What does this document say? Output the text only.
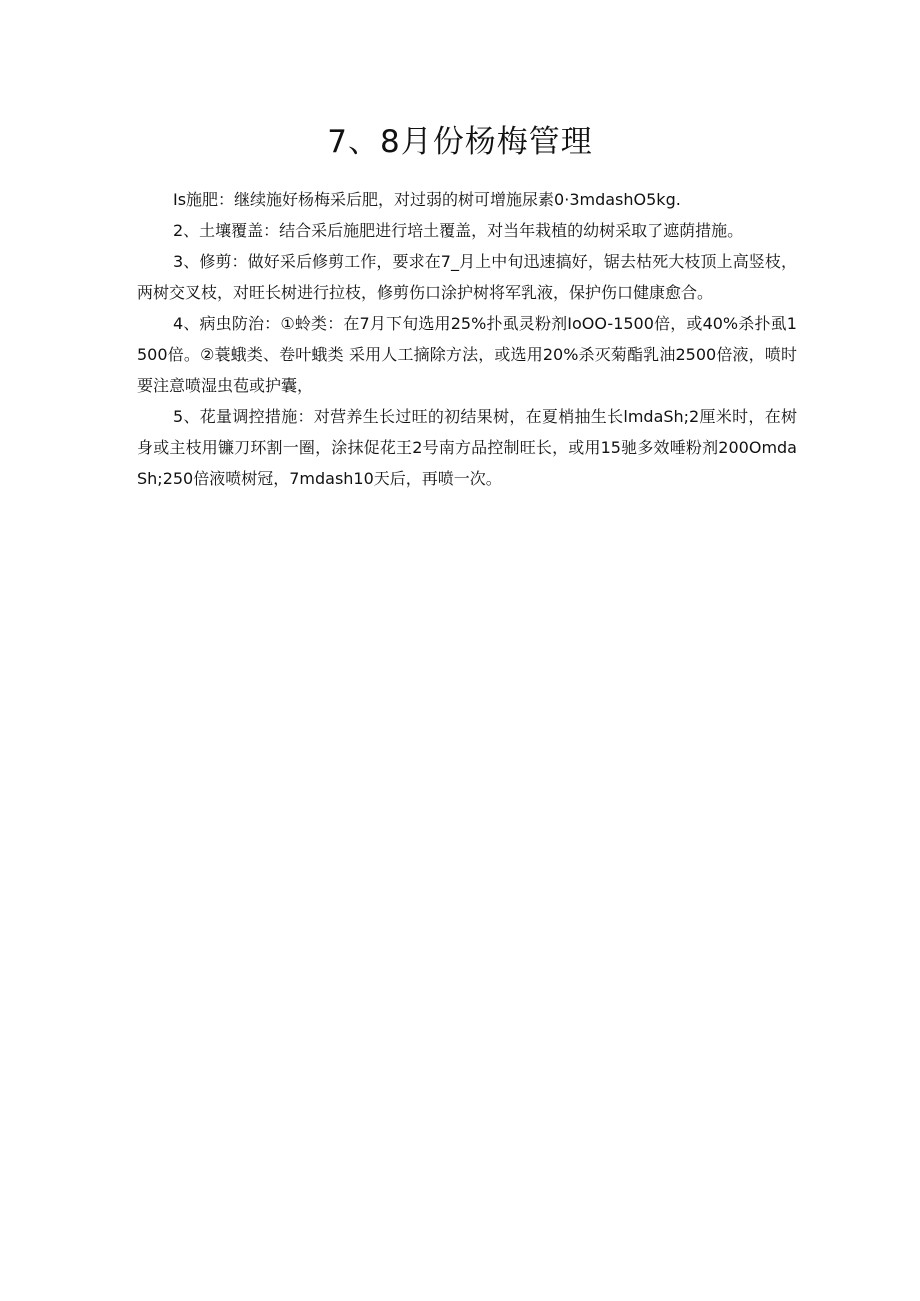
7、8月份杨梅管理

Is施肥：继续施好杨梅采后肥，对过弱的树可增施尿素0·3mdashO5kg.

2、土壤覆盖：结合采后施肥进行培土覆盖，对当年栽植的幼树采取了遮荫措施。

3、修剪：做好采后修剪工作，要求在7_月上中旬迅速搞好，锯去枯死大枝顶上高竖枝，两树交叉枝，对旺长树进行拉枝，修剪伤口涂护树将军乳液，保护伤口健康愈合。

4、病虫防治：①蛉类：在7月下旬选用25%扑虱灵粉剂IoOO-1500倍，或40%杀扑虱1500倍。②蓑蛾类、卷叶蛾类 采用人工摘除方法，或选用20%杀灭菊酯乳油2500倍液，喷时要注意喷湿虫苞或护囊，

5、花量调控措施：对营养生长过旺的初结果树，在夏梢抽生长lmdaSh;2厘米时，在树身或主枝用镰刀环割一圈，涂抹促花王2号南方品控制旺长，或用15驰多效唾粉剂200OmdaSh;250倍液喷树冠，7mdash10天后，再喷一次。
